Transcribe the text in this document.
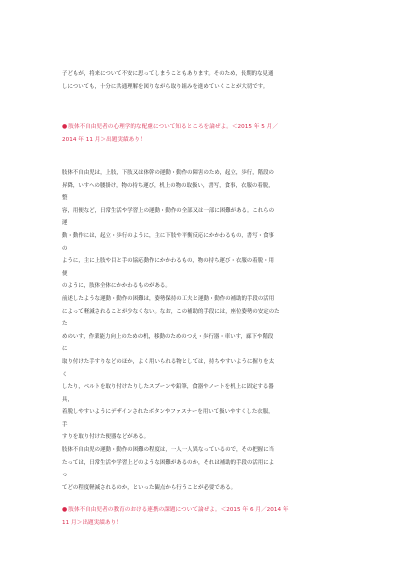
子どもが，将来について不安に思ってしまうこともあります。そのため，長期的な見通
しについても，十分に共通理解を図りながら取り組みを進めていくことが大切です。
●肢体不自由児者の心理学的な配慮について知るところを論ぜよ。＜2015 年 5 月／
2014 年 11 月＞出題実績あり！
肢体不自由児は，上肢，下肢又は体幹の運動・動作の障害のため，起立，歩行，階段の
昇降，いすへの腰掛け，物の持ち運び，机上の物の取扱い，書写，食事，衣服の着脱，
整
容，用便など，日常生活や学習上の運動・動作の全部又は一部に困難がある。これらの
運
動・動作には，起立・歩行のように，主に下肢や平衡反応にかかわるもの，書写・食事
の
ように，主に上肢や目と手の協応動作にかかわるもの，物の持ち運び・衣服の着脱・用
便
のように，肢体全体にかかわるものがある。
前述したような運動・動作の困難は，姿勢保持の工夫と運動・動作の補助的手段の活用
によって軽減されることが少なくない。なお，この補助的手段には，座位姿勢の安定のた
た
めのいす，作業能力向上のための机，移動のためのつえ・歩行器・車いす，廊下や階段
に
取り付けた手すりなどのほか，よく用いられる物としては，持ちやすいように握りを太
く
したり，ベルトを取り付けたりしたスプーンや鉛筆，食器やノートを机上に固定する器
具，
着脱しやすいようにデザインされたボタンやファスナーを用いて扱いやすくした衣服，
手
すりを取り付けた便器などがある。
肢体不自由児の運動・動作の困難の程度は，一人一人異なっているので，その把握に当
たっては，日常生活や学習上どのような困難があるのか，それは補助的手段の活用によ
っ
てどの程度軽減されるのか，といった観点から行うことが必要である。
●肢体不自由児者の教育のおける連携の課題について論ぜよ。＜2015 年 6 月／2014 年
11 月＞出題実績あり！
